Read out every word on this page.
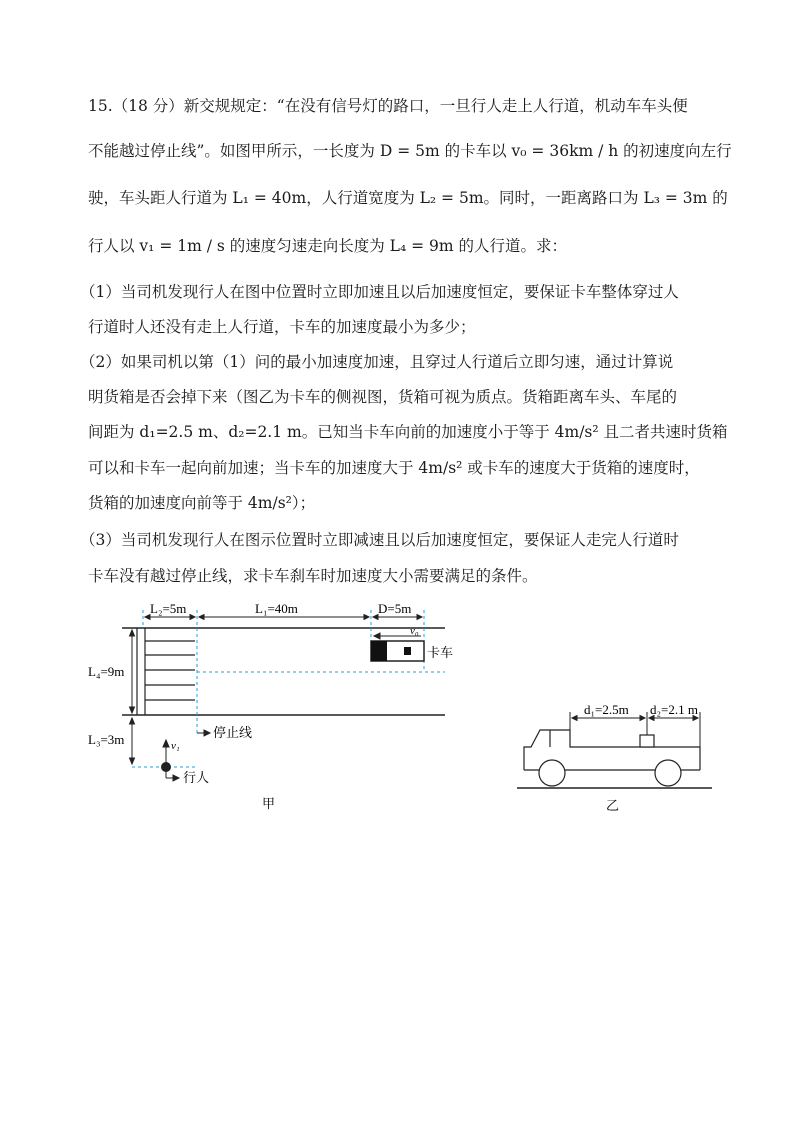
15.（18 分）新交规规定：“在没有信号灯的路口，一旦行人走上人行道，机动车车头便
不能越过停止线”。如图甲所示，一长度为 D = 5m 的卡车以 v₀ = 36km / h 的初速度向左行
驶，车头距人行道为 L₁ = 40m，人行道宽度为 L₂ = 5m。同时，一距离路口为 L₃ = 3m 的
行人以 v₁ = 1m / s 的速度匀速走向长度为 L₄ = 9m 的人行道。求：
（1）当司机发现行人在图中位置时立即加速且以后加速度恒定，要保证卡车整体穿过人
行道时人还没有走上人行道，卡车的加速度最小为多少；
（2）如果司机以第（1）问的最小加速度加速，且穿过人行道后立即匀速，通过计算说
明货箱是否会掉下来（图乙为卡车的侧视图，货箱可视为质点。货箱距离车头、车尾的
间距为 d₁=2.5 m、d₂=2.1 m。已知当卡车向前的加速度小于等于 4m/s² 且二者共速时货箱
可以和卡车一起向前加速；当卡车的加速度大于 4m/s² 或卡车的速度大于货箱的速度时，
货箱的加速度向前等于 4m/s²）；
（3）当司机发现行人在图示位置时立即减速且以后加速度恒定，要保证人走完人行道时
卡车没有越过停止线，求卡车刹车时加速度大小需要满足的条件。
L₂=5m	L₁=40m	D=5m
v₀
卡车
L₄=9m
L₃=3m	停止线
v₁
行人
甲
d₁=2.5m d₂=2.1 m
乙
